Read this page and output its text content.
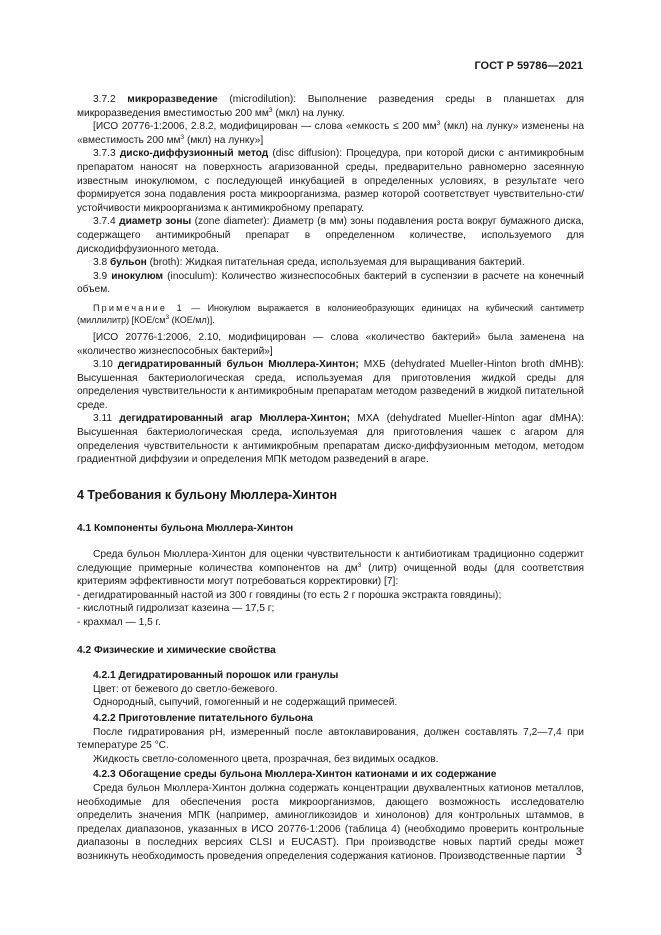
ГОСТ Р 59786—2021

3.7.2 микроразведение (microdilution): Выполнение разведения среды в планшетах для микроразведения вместимостью 200 $мм^3$ (мкл) на лунку.

[ИСО 20776-1:2006, 2.8.2, модифицирован — слова «емкость ≤ 200 $мм^3$ (мкл) на лунку» изменены на «вместимость 200 $мм^3$ (мкл) на лунку»]

3.7.3 диско-диффузионный метод (disc diffusion): Процедура, при которой диски с антимикробным препаратом наносят на поверхность агаризованной среды, предварительно равномерно засеянную известным инокулюмом, с последующей инкубацией в определенных условиях, в результате чего формируется зона подавления роста микроорганизма, размер которой соответствует чувствительно-сти/устойчивости микроорганизма к антимикробному препарату.

3.7.4 диаметр зоны (zone diameter): Диаметр (в мм) зоны подавления роста вокруг бумажного диска, содержащего антимикробный препарат в определенном количестве, используемого для дискодиффузионного метода.

3.8 бульон (broth): Жидкая питательная среда, используемая для выращивания бактерий.

3.9 инокулюм (inoculum): Количество жизнеспособных бактерий в суспензии в расчете на конечный объем.

Примечание 1 — Инокулюм выражается в колониеобразующих единицах на кубический сантиметр (миллилитр) [$КОЕ/см^3$ (КОЕ/мл)].

[ИСО 20776-1:2006, 2.10, модифицирован — слова «количество бактерий» была заменена на «количество жизнеспособных бактерий»]

3.10 дегидратированный бульон Мюллера-Хинтон; МХБ (dehydrated Mueller-Hinton broth dMHB): Высушенная бактериологическая среда, используемая для приготовления жидкой среды для определения чувствительности к антимикробным препаратам методом разведений в жидкой питательной среде.

3.11 дегидратированный агар Мюллера-Хинтон; МХА (dehydrated Mueller-Hinton agar dMHA): Высушенная бактериологическая среда, используемая для приготовления чашек с агаром для определения чувствительности к антимикробным препаратам диско-диффузионным методом, методом градиентной диффузии и определения МПК методом разведений в агаре.

4 Требования к бульону Мюллера-Хинтон

4.1 Компоненты бульона Мюллера-Хинтон

Среда бульон Мюллера-Хинтон для оценки чувствительности к антибиотикам традиционно содержит следующие примерные количества компонентов на $дм^3$ (литр) очищенной воды (для соответствия критериям эффективности могут потребоваться корректировки) [7]:

- дегидратированный настой из 300 г говядины (то есть 2 г порошка экстракта говядины);

- кислотный гидролизат казеина — 17,5 г;

- крахмал — 1,5 г.

4.2 Физические и химические свойства

4.2.1 Дегидратированный порошок или гранулы

Цвет: от бежевого до светло-бежевого.

Однородный, сыпучий, гомогенный и не содержащий примесей.

4.2.2 Приготовление питательного бульона

После гидратирования рН, измеренный после автоклавирования, должен составлять 7,2—7,4 при температуре 25 °С.

Жидкость светло-соломенного цвета, прозрачная, без видимых осадков.

4.2.3 Обогащение среды бульона Мюллера-Хинтон катионами и их содержание

Среда бульон Мюллера-Хинтон должна содержать концентрации двухвалентных катионов металлов, необходимые для обеспечения роста микроорганизмов, дающего возможность исследователю определить значения МПК (например, аминогликозидов и хинолонов) для контрольных штаммов, в пределах диапазонов, указанных в ИСО 20776-1:2006 (таблица 4) (необходимо проверить контрольные диапазоны в последних версиях CLSI и EUCAST). При производстве новых партий среды может возникнуть необходимость проведения определения содержания катионов. Производственные партии 3
